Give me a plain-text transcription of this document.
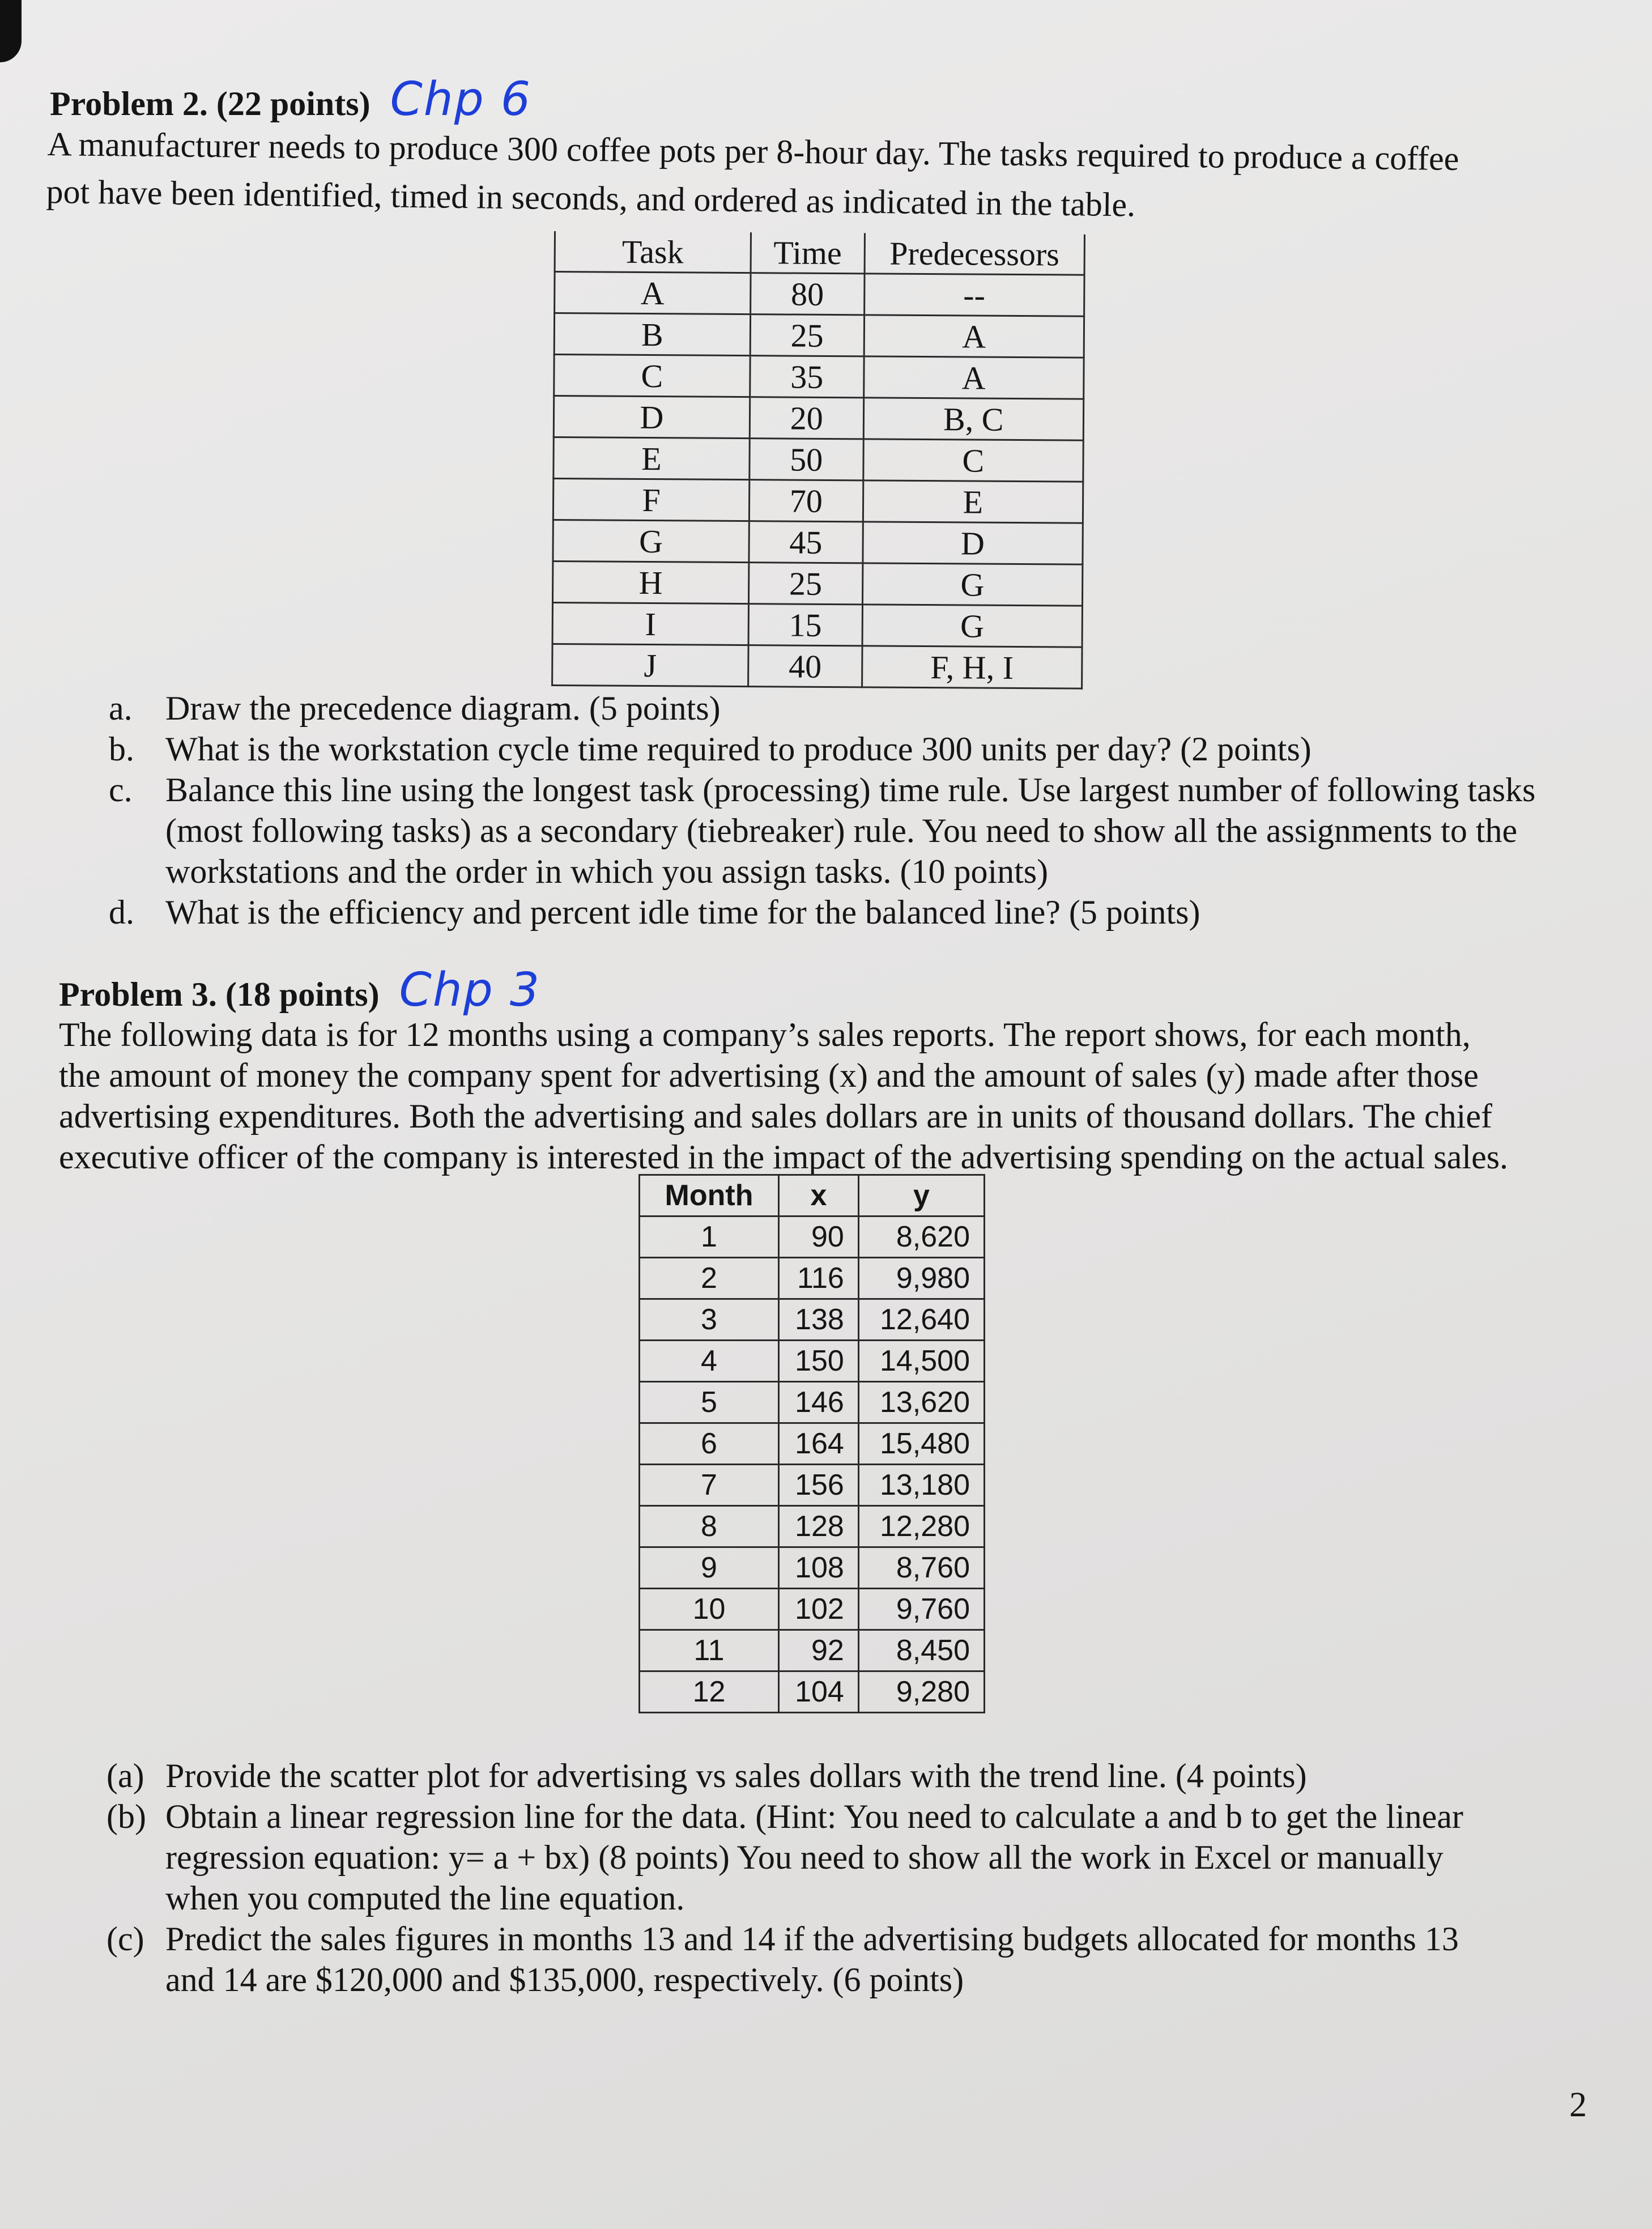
Problem 2. (22 points) Chp 6
A manufacturer needs to produce 300 coffee pots per 8-hour day. The tasks required to produce a coffee
pot have been identified, timed in seconds, and ordered as indicated in the table.
Task	Time	Predecessors
A	80	--
B	25	A
C	35	A
D	20	B, C
E	50	C
F	70	E
G	45	D
H	25	G
I	15	G
J	40	F, H, I
a. Draw the precedence diagram. (5 points)
b. What is the workstation cycle time required to produce 300 units per day? (2 points)
c. Balance this line using the longest task (processing) time rule. Use largest number of following tasks
(most following tasks) as a secondary (tiebreaker) rule. You need to show all the assignments to the
workstations and the order in which you assign tasks. (10 points)
d. What is the efficiency and percent idle time for the balanced line? (5 points)
Problem 3. (18 points) Chp 3
The following data is for 12 months using a company’s sales reports. The report shows, for each month,
the amount of money the company spent for advertising (x) and the amount of sales (y) made after those
advertising expenditures. Both the advertising and sales dollars are in units of thousand dollars. The chief
executive officer of the company is interested in the impact of the advertising spending on the actual sales.
Month	x	y
1	90	8,620
2	116	9,980
3	138	12,640
4	150	14,500
5	146	13,620
6	164	15,480
7	156	13,180
8	128	12,280
9	108	8,760
10	102	9,760
11	92	8,450
12	104	9,280
(a) Provide the scatter plot for advertising vs sales dollars with the trend line. (4 points)
(b) Obtain a linear regression line for the data. (Hint: You need to calculate a and b to get the linear
regression equation: y= a + bx) (8 points) You need to show all the work in Excel or manually
when you computed the line equation.
(c) Predict the sales figures in months 13 and 14 if the advertising budgets allocated for months 13
and 14 are $120,000 and $135,000, respectively. (6 points)
2
